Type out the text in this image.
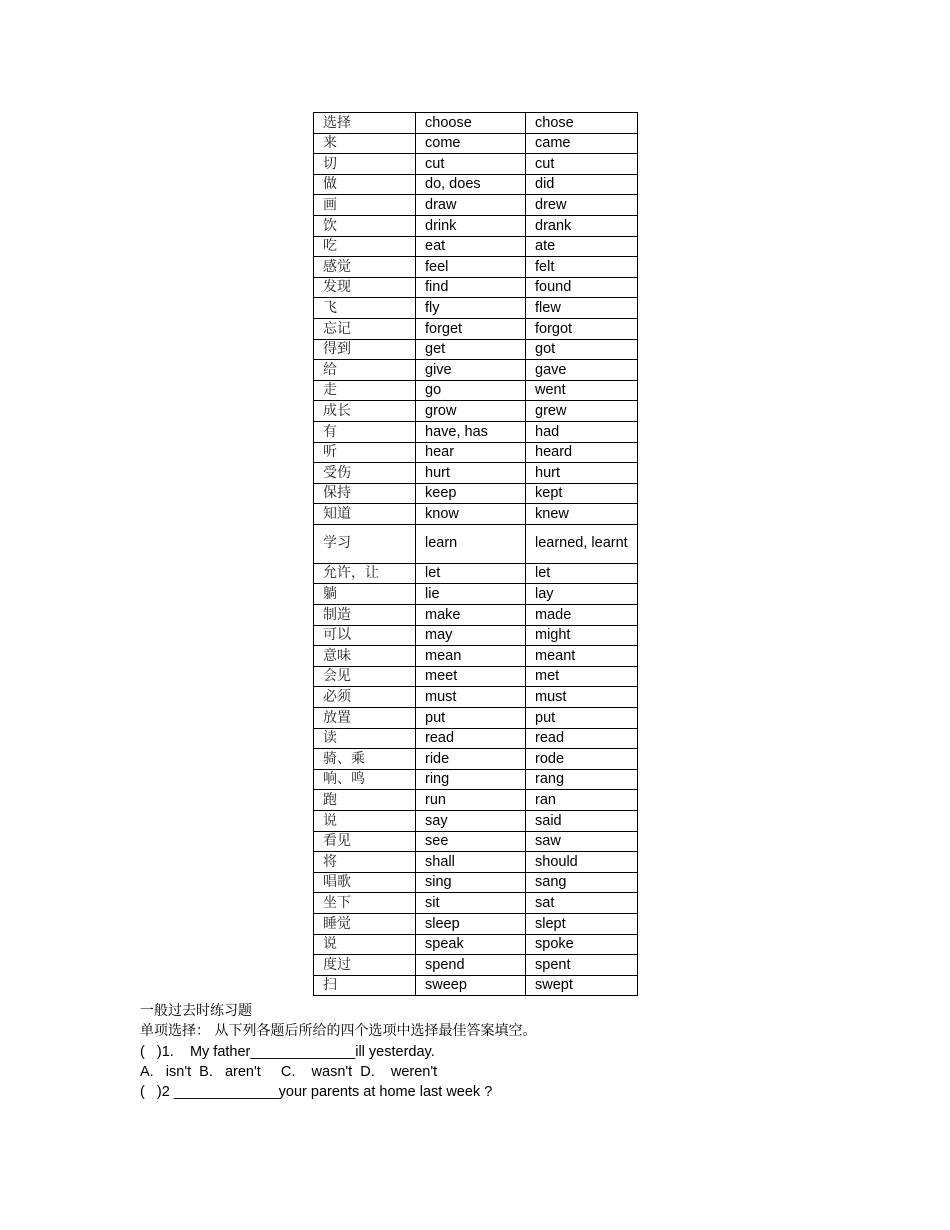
选择	choose	chose
来	come	came
切	cut	cut
做	do, does	did
画	draw	drew
饮	drink	drank
吃	eat	ate
感觉	feel	felt
发现	find	found
飞	fly	flew
忘记	forget	forgot
得到	get	got
给	give	gave
走	go	went
成长	grow	grew
有	have, has	had
听	hear	heard
受伤	hurt	hurt
保持	keep	kept
知道	know	knew
学习	learn	learned, learnt
允许，让	let	let
躺	lie	lay
制造	make	made
可以	may	might
意味	mean	meant
会见	meet	met
必须	must	must
放置	put	put
读	read	read
骑、乘	ride	rode
响、鸣	ring	rang
跑	run	ran
说	say	said
看见	see	saw
将	shall	should
唱歌	sing	sang
坐下	sit	sat
睡觉	sleep	slept
说	speak	spoke
度过	spend	spent
扫	sweep	swept
一般过去时练习题
单项选择： 从下列各题后所给的四个选项中选择最佳答案填空。
(   )1.    My father_____________ill yesterday.
A.   isn't  B.   aren't     C.    wasn't  D.    weren't
(   )2 _____________your parents at home last week ?
